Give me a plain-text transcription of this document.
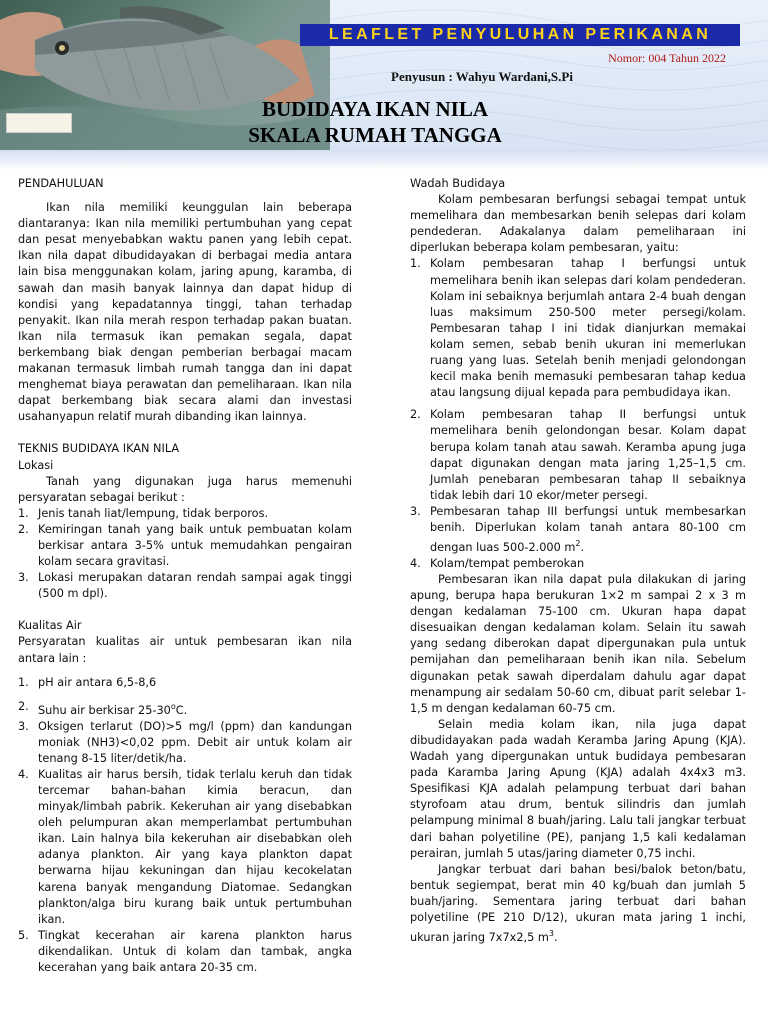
LEAFLET PENYULUHAN PERIKANAN
Nomor: 004 Tahun 2022
Penyusun : Wahyu Wardani,S.Pi
BUDIDAYA IKAN NILA
SKALA RUMAH TANGGA

PENDAHULUAN

Ikan nila memiliki keunggulan lain beberapa diantaranya: Ikan nila memiliki pertumbuhan yang cepat dan pesat menyebabkan waktu panen yang lebih cepat. Ikan nila dapat dibudidayakan di berbagai media antara lain bisa menggunakan kolam, jaring apung, karamba, di sawah dan masih banyak lainnya dan dapat hidup di kondisi yang kepadatannya tinggi, tahan terhadap penyakit. Ikan nila merah respon terhadap pakan buatan. Ikan nila termasuk ikan pemakan segala, dapat berkembang biak dengan pemberian berbagai macam makanan termasuk limbah rumah tangga dan ini dapat menghemat biaya perawatan dan pemeliharaan. Ikan nila dapat berkembang biak secara alami dan investasi usahanyapun relatif murah dibanding ikan lainnya.

TEKNIS BUDIDAYA IKAN NILA

Lokasi

Tanah yang digunakan juga harus memenuhi persyaratan sebagai berikut :

1. Jenis tanah liat/lempung, tidak berporos.
2. Kemiringan tanah yang baik untuk pembuatan kolam berkisar antara 3-5% untuk memudahkan pengairan kolam secara gravitasi.
3. Lokasi merupakan dataran rendah sampai agak tinggi (500 m dpl).

Kualitas Air

Persyaratan kualitas air untuk pembesaran ikan nila antara lain :

1. pH air antara 6,5-8,6
2. Suhu air berkisar 25-30$^o$C.
3. Oksigen terlarut (DO)>5 mg/l (ppm) dan kandungan moniak (NH3)<0,02 ppm. Debit air untuk kolam air tenang 8-15 liter/detik/ha.
4. Kualitas air harus bersih, tidak terlalu keruh dan tidak tercemar bahan-bahan kimia beracun, dan minyak/limbah pabrik. Kekeruhan air yang disebabkan oleh pelumpuran akan memperlambat pertumbuhan ikan. Lain halnya bila kekeruhan air disebabkan oleh adanya plankton. Air yang kaya plankton dapat berwarna hijau kekuningan dan hijau kecokelatan karena banyak mengandung Diatomae. Sedangkan plankton/alga biru kurang baik untuk pertumbuhan ikan.
5. Tingkat kecerahan air karena plankton harus dikendalikan. Untuk di kolam dan tambak, angka kecerahan yang baik antara 20-35 cm.

Wadah Budidaya

Kolam pembesaran berfungsi sebagai tempat untuk memelihara dan membesarkan benih selepas dari kolam pendederan. Adakalanya dalam pemeliharaan ini diperlukan beberapa kolam pembesaran, yaitu:

1. Kolam pembesaran tahap I berfungsi untuk memelihara benih ikan selepas dari kolam pendederan. Kolam ini sebaiknya berjumlah antara 2-4 buah dengan luas maksimum 250-500 meter persegi/kolam. Pembesaran tahap I ini tidak dianjurkan memakai kolam semen, sebab benih ukuran ini memerlukan ruang yang luas. Setelah benih menjadi gelondongan kecil maka benih memasuki pembesaran tahap kedua atau langsung dijual kepada para pembudidaya ikan.
2. Kolam pembesaran tahap II berfungsi untuk memelihara benih gelondongan besar. Kolam dapat berupa kolam tanah atau sawah. Keramba apung juga dapat digunakan dengan mata jaring 1,25–1,5 cm. Jumlah penebaran pembesaran tahap II sebaiknya tidak lebih dari 10 ekor/meter persegi.
3. Pembesaran tahap III berfungsi untuk membesarkan benih. Diperlukan kolam tanah antara 80-100 cm dengan luas 500-2.000 $m^2$.
4. Kolam/tempat pemberokan

Pembesaran ikan nila dapat pula dilakukan di jaring apung, berupa hapa berukuran 1×2 m sampai 2 x 3 m dengan kedalaman 75-100 cm. Ukuran hapa dapat disesuaikan dengan kedalaman kolam. Selain itu sawah yang sedang diberokan dapat dipergunakan pula untuk pemijahan dan pemeliharaan benih ikan nila. Sebelum digunakan petak sawah diperdalam dahulu agar dapat menampung air sedalam 50-60 cm, dibuat parit selebar 1- 1,5 m dengan kedalaman 60-75 cm.

Selain media kolam ikan, nila juga dapat dibudidayakan pada wadah Keramba Jaring Apung (KJA). Wadah yang dipergunakan untuk budidaya pembesaran pada Karamba Jaring Apung (KJA) adalah 4x4x3 m3. Spesifikasi KJA adalah pelampung terbuat dari bahan styrofoam atau drum, bentuk silindris dan jumlah pelampung minimal 8 buah/jaring. Lalu tali jangkar terbuat dari bahan polyetiline (PE), panjang 1,5 kali kedalaman perairan, jumlah 5 utas/jaring diameter 0,75 inchi.

Jangkar terbuat dari bahan besi/balok beton/batu, bentuk segiempat, berat min 40 kg/buah dan jumlah 5 buah/jaring. Sementara jaring terbuat dari bahan polyetiline (PE 210 D/12), ukuran mata jaring 1 inchi, ukuran jaring 7x7x2,5 $m^3$.
